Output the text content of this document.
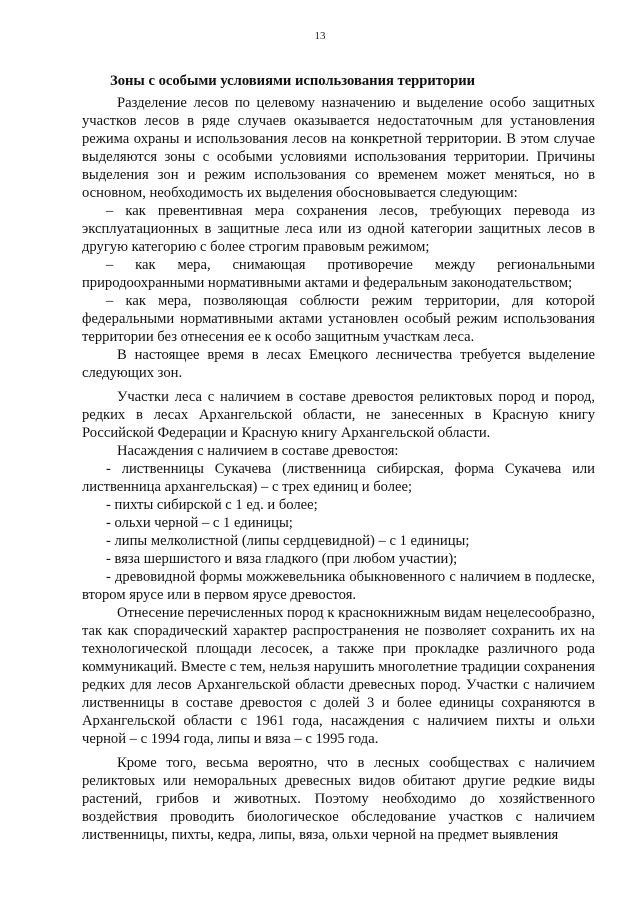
13
Зоны с особыми условиями использования территории

Разделение лесов по целевому назначению и выделение особо защитных участков лесов в ряде случаев оказывается недостаточным для установления режима охраны и использования лесов на конкретной территории. В этом случае выделяются зоны с особыми условиями использования территории. Причины выделения зон и режим использования со временем может меняться, но в основном, необходимость их выделения обосновывается следующим:

– как превентивная мера сохранения лесов, требующих перевода из эксплуатационных в защитные леса или из одной категории защитных лесов в другую категорию с более строгим правовым режимом;

– как мера, снимающая противоречие между региональными природоохранными нормативными актами и федеральным законодательством;

– как мера, позволяющая соблюсти режим территории, для которой федеральными нормативными актами установлен особый режим использования территории без отнесения ее к особо защитным участкам леса.

В настоящее время в лесах Емецкого лесничества требуется выделение следующих зон.

Участки леса с наличием в составе древостоя реликтовых пород и пород, редких в лесах Архангельской области, не занесенных в Красную книгу Российской Федерации и Красную книгу Архангельской области.

Насаждения с наличием в составе древостоя:

- лиственницы Сукачева (лиственница сибирская, форма Сукачева или лиственница архангельская) – с трех единиц и более;

- пихты сибирской с 1 ед. и более;

- ольхи черной – с 1 единицы;

- липы мелколистной (липы сердцевидной) – с 1 единицы;

- вяза шершистого и вяза гладкого (при любом участии);

- древовидной формы можжевельника обыкновенного с наличием в подлеске, втором ярусе или в первом ярусе древостоя.

Отнесение перечисленных пород к краснокнижным видам нецелесообразно, так как спорадический характер распространения не позволяет сохранить их на технологической площади лесосек, а также при прокладке различного рода коммуникаций. Вместе с тем, нельзя нарушить многолетние традиции сохранения редких для лесов Архангельской области древесных пород. Участки с наличием лиственницы в составе древостоя с долей 3 и более единицы сохраняются в Архангельской области с 1961 года, насаждения с наличием пихты и ольхи черной – с 1994 года, липы и вяза – с 1995 года.

Кроме того, весьма вероятно, что в лесных сообществах с наличием реликтовых или неморальных древесных видов обитают другие редкие виды растений, грибов и животных. Поэтому необходимо до хозяйственного воздействия проводить биологическое обследование участков с наличием лиственницы, пихты, кедра, липы, вяза, ольхи черной на предмет выявления
